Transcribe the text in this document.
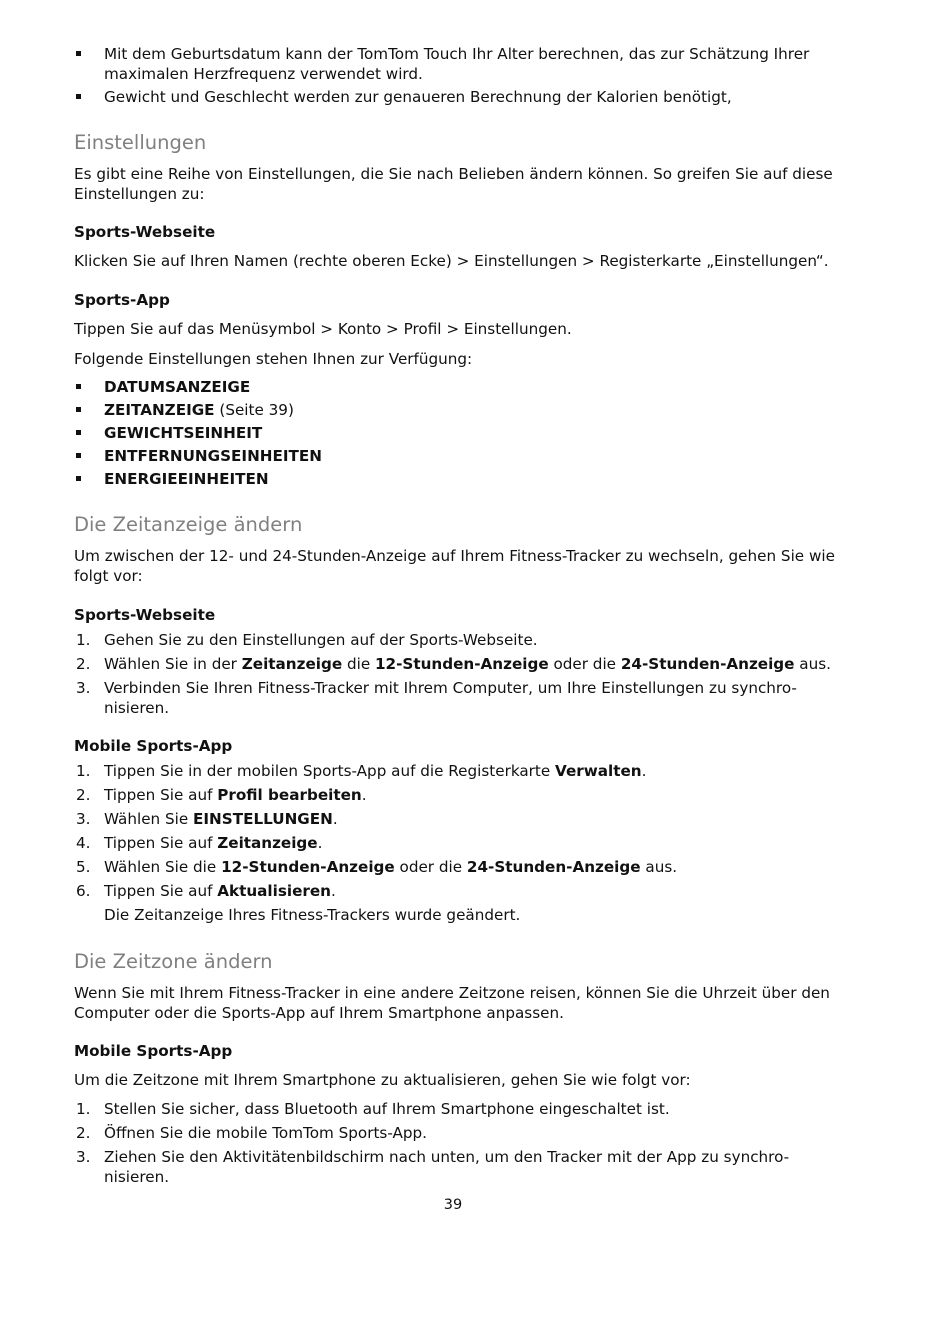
Mit dem Geburtsdatum kann der TomTom Touch Ihr Alter berechnen, das zur Schätzung Ihrer maximalen Herzfrequenz verwendet wird.
Gewicht und Geschlecht werden zur genaueren Berechnung der Kalorien benötigt,
Einstellungen

Es gibt eine Reihe von Einstellungen, die Sie nach Belieben ändern können. So greifen Sie auf diese Einstellungen zu:

Sports-Webseite

Klicken Sie auf Ihren Namen (rechte oberen Ecke) > Einstellungen > Registerkarte „Einstellungen“.

Sports-App

Tippen Sie auf das Menüsymbol > Konto > Profil > Einstellungen.

Folgende Einstellungen stehen Ihnen zur Verfügung:

DATUMSANZEIGE
ZEITANZEIGE (Seite 39)
GEWICHTSEINHEIT
ENTFERNUNGSEINHEITEN
ENERGIEEINHEITEN
Die Zeitanzeige ändern

Um zwischen der 12- und 24-Stunden-Anzeige auf Ihrem Fitness-Tracker zu wechseln, gehen Sie wie folgt vor:

Sports-Webseite

1. Gehen Sie zu den Einstellungen auf der Sports-Webseite.
2. Wählen Sie in der Zeitanzeige die 12-Stunden-Anzeige oder die 24-Stunden-Anzeige aus.
3. Verbinden Sie Ihren Fitness-Tracker mit Ihrem Computer, um Ihre Einstellungen zu synchro-
nisieren.

Mobile Sports-App

1. Tippen Sie in der mobilen Sports-App auf die Registerkarte Verwalten.
2. Tippen Sie auf Profil bearbeiten.
3. Wählen Sie EINSTELLUNGEN.
4. Tippen Sie auf Zeitanzeige.
5. Wählen Sie die 12-Stunden-Anzeige oder die 24-Stunden-Anzeige aus.
6. Tippen Sie auf Aktualisieren.

Die Zeitanzeige Ihres Fitness-Trackers wurde geändert.

Die Zeitzone ändern

Wenn Sie mit Ihrem Fitness-Tracker in eine andere Zeitzone reisen, können Sie die Uhrzeit über den Computer oder die Sports-App auf Ihrem Smartphone anpassen.

Mobile Sports-App

Um die Zeitzone mit Ihrem Smartphone zu aktualisieren, gehen Sie wie folgt vor:

1. Stellen Sie sicher, dass Bluetooth auf Ihrem Smartphone eingeschaltet ist.
2. Öffnen Sie die mobile TomTom Sports-App.
3. Ziehen Sie den Aktivitätenbildschirm nach unten, um den Tracker mit der App zu synchro-
nisieren.
39
